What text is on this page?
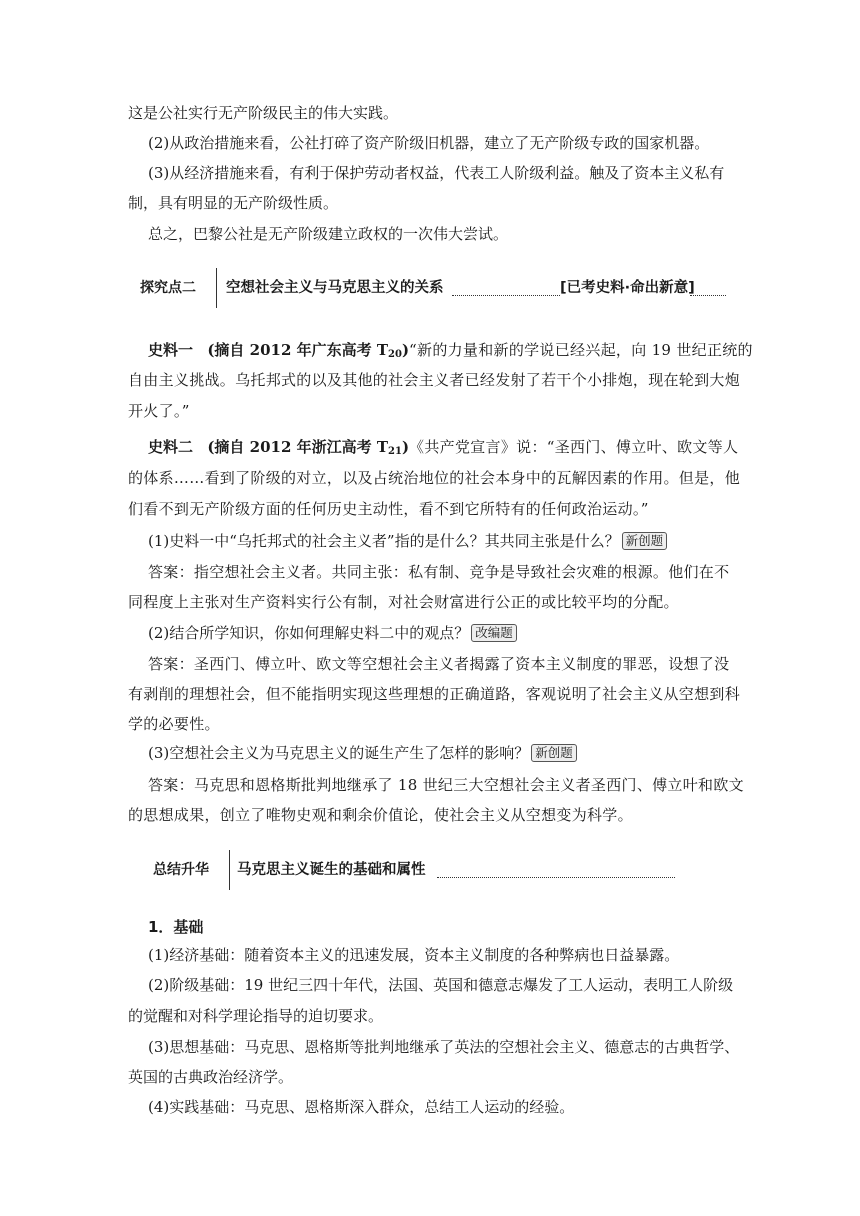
这是公社实行无产阶级民主的伟大实践。
(2)从政治措施来看，公社打碎了资产阶级旧机器，建立了无产阶级专政的国家机器。
(3)从经济措施来看，有利于保护劳动者权益，代表工人阶级利益。触及了资本主义私有
制，具有明显的无产阶级性质。
总之，巴黎公社是无产阶级建立政权的一次伟大尝试。
探究点二 空想社会主义与马克思主义的关系	[已考史料·命出新意]
史料一 (摘自 2012 年广东高考 $T_{20})“$新的力量和新的学说已经兴起，向 19 世纪正统的
自由主义挑战。乌托邦式的以及其他的社会主义者已经发射了若干个小排炮，现在轮到大炮
开火了。”
史料二 (摘自 2012 年浙江高考 $T_{21}$)《共产党宣言》说：“圣西门、傅立叶、欧文等人
的体系……看到了阶级的对立，以及占统治地位的社会本身中的瓦解因素的作用。但是，他
们看不到无产阶级方面的任何历史主动性，看不到它所特有的任何政治运动。”
(1)史料一中“乌托邦式的社会主义者”指的是什么？其共同主张是什么？ 新创题
答案：指空想社会主义者。共同主张：私有制、竞争是导致社会灾难的根源。他们在不
同程度上主张对生产资料实行公有制，对社会财富进行公正的或比较平均的分配。
(2)结合所学知识，你如何理解史料二中的观点？ 改编题
答案：圣西门、傅立叶、欧文等空想社会主义者揭露了资本主义制度的罪恶，设想了没
有剥削的理想社会，但不能指明实现这些理想的正确道路，客观说明了社会主义从空想到科
学的必要性。
(3)空想社会主义为马克思主义的诞生产生了怎样的影响？ 新创题
答案：马克思和恩格斯批判地继承了 18 世纪三大空想社会主义者圣西门、傅立叶和欧文
的思想成果，创立了唯物史观和剩余价值论，使社会主义从空想变为科学。
总结升华 马克思主义诞生的基础和属性
1．基础
(1)经济基础：随着资本主义的迅速发展，资本主义制度的各种弊病也日益暴露。
(2)阶级基础：19 世纪三四十年代，法国、英国和德意志爆发了工人运动，表明工人阶级
的觉醒和对科学理论指导的迫切要求。
(3)思想基础：马克思、恩格斯等批判地继承了英法的空想社会主义、德意志的古典哲学、
英国的古典政治经济学。
(4)实践基础：马克思、恩格斯深入群众，总结工人运动的经验。
